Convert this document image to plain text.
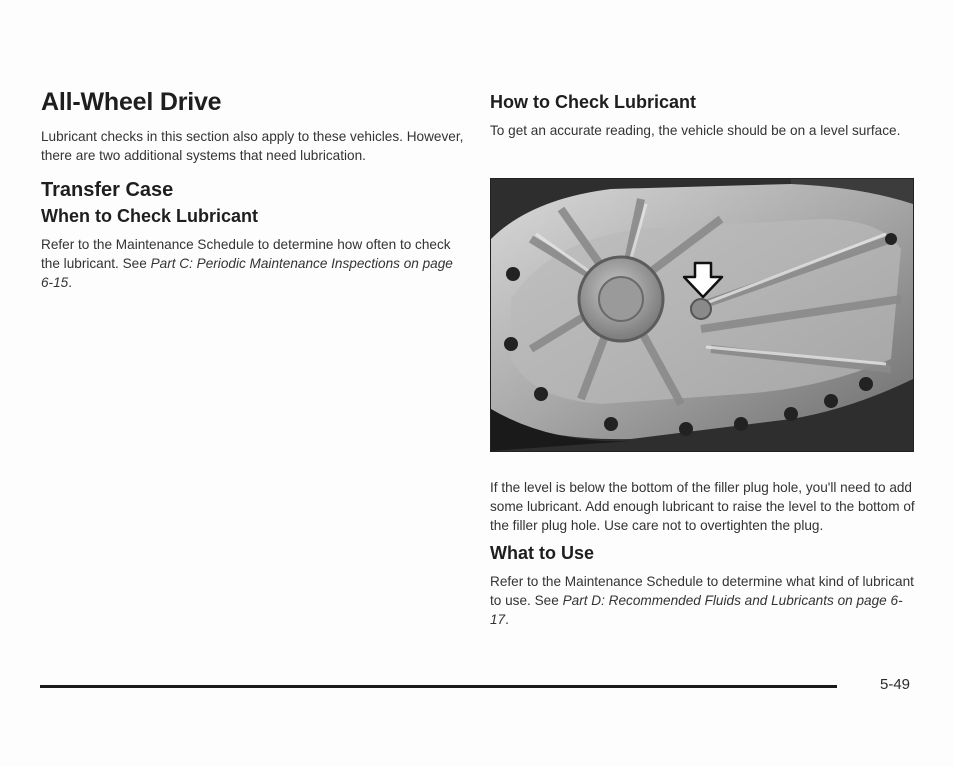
All-Wheel Drive

Lubricant checks in this section also apply to these vehicles. However, there are two additional systems that need lubrication.

Transfer Case
When to Check Lubricant

Refer to the Maintenance Schedule to determine how often to check the lubricant. See Part C: Periodic Maintenance Inspections on page 6-15.

How to Check Lubricant

To get an accurate reading, the vehicle should be on a level surface.

If the level is below the bottom of the filler plug hole, you'll need to add some lubricant. Add enough lubricant to raise the level to the bottom of the filler plug hole. Use care not to overtighten the plug.

What to Use

Refer to the Maintenance Schedule to determine what kind of lubricant to use. See Part D: Recommended Fluids and Lubricants on page 6-17.

5-49
